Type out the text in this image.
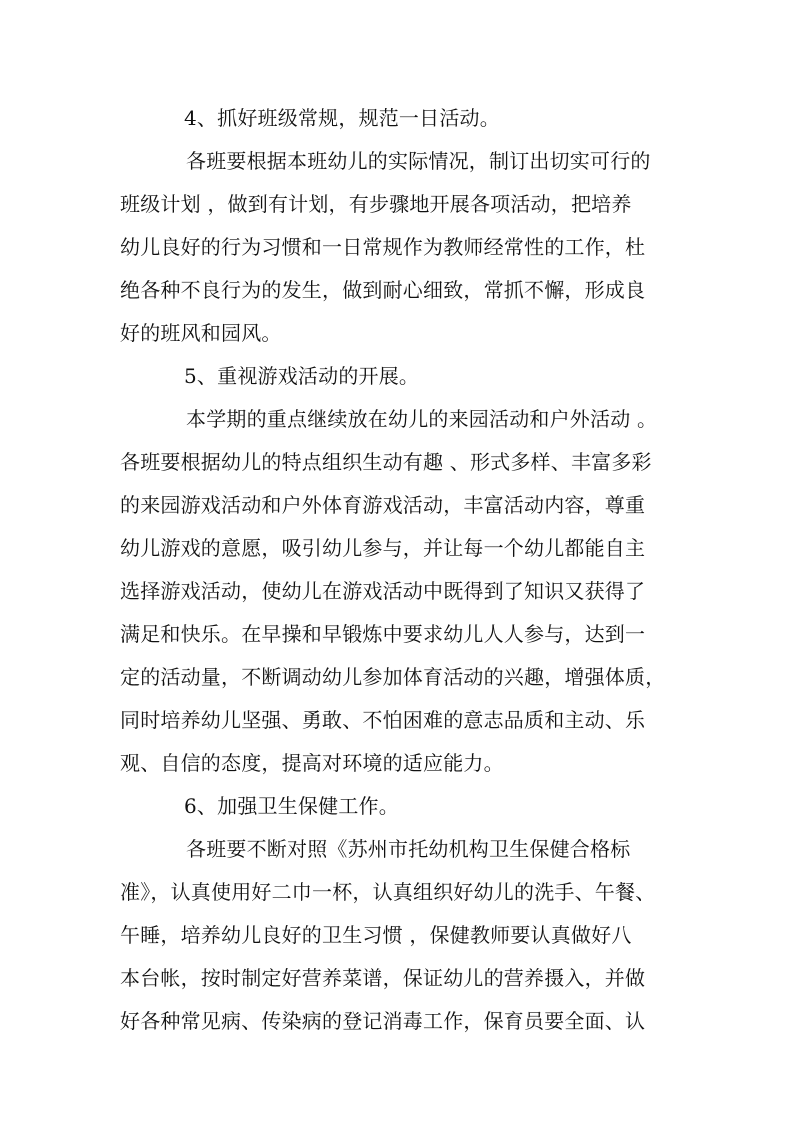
4、抓好班级常规，规范一日活动。
各班要根据本班幼儿的实际情况，制订出切实可行的
班级计划 ，做到有计划，有步骤地开展各项活动，把培养
幼儿良好的行为习惯和一日常规作为教师经常性的工作，杜
绝各种不良行为的发生，做到耐心细致，常抓不懈，形成良
好的班风和园风。
5、重视游戏活动的开展。
本学期的重点继续放在幼儿的来园活动和户外活动 。
各班要根据幼儿的特点组织生动有趣 、形式多样、丰富多彩
的来园游戏活动和户外体育游戏活动，丰富活动内容，尊重
幼儿游戏的意愿，吸引幼儿参与，并让每一个幼儿都能自主
选择游戏活动，使幼儿在游戏活动中既得到了知识又获得了
满足和快乐。在早操和早锻炼中要求幼儿人人参与，达到一
定的活动量，不断调动幼儿参加体育活动的兴趣，增强体质，
同时培养幼儿坚强、勇敢、不怕困难的意志品质和主动、乐
观、自信的态度，提高对环境的适应能力。
6、加强卫生保健工作。
各班要不断对照《苏州市托幼机构卫生保健合格标
准》，认真使用好二巾一杯，认真组织好幼儿的洗手、午餐、
午睡，培养幼儿良好的卫生习惯 ，保健教师要认真做好八
本台帐，按时制定好营养菜谱，保证幼儿的营养摄入，并做
好各种常见病、传染病的登记消毒工作，保育员要全面、认
